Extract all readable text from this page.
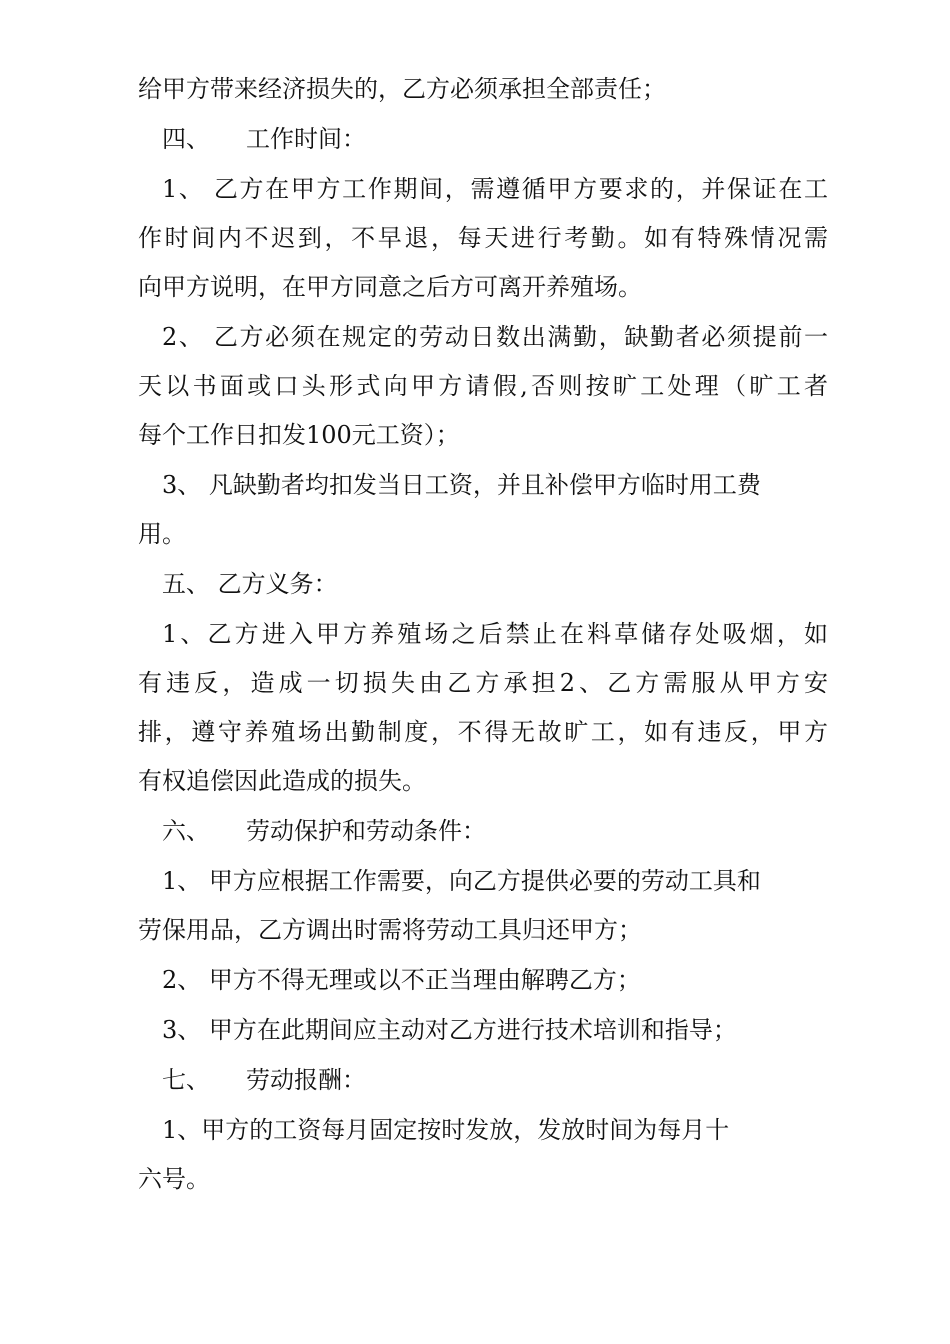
给甲方带来经济损失的，乙方必须承担全部责任；
四、　　工作时间：
1、 乙方在甲方工作期间，需遵循甲方要求的，并保证在工
作时间内不迟到，不早退，每天进行考勤。如有特殊情况需
向甲方说明，在甲方同意之后方可离开养殖场。
2、 乙方必须在规定的劳动日数出满勤，缺勤者必须提前一
天以书面或口头形式向甲方请假,否则按旷工处理（旷工者
每个工作日扣发100元工资）；
3、 凡缺勤者均扣发当日工资，并且补偿甲方临时用工费
用。
五、 乙方义务：
1、乙方进入甲方养殖场之后禁止在料草储存处吸烟，如
有违反，造成一切损失由乙方承担2、乙方需服从甲方安
排，遵守养殖场出勤制度，不得无故旷工，如有违反，甲方
有权追偿因此造成的损失。
六、　　劳动保护和劳动条件：
1、 甲方应根据工作需要，向乙方提供必要的劳动工具和
劳保用品，乙方调出时需将劳动工具归还甲方；
2、 甲方不得无理或以不正当理由解聘乙方；
3、 甲方在此期间应主动对乙方进行技术培训和指导；
七、　　劳动报酬：
1、甲方的工资每月固定按时发放，发放时间为每月十
六号。
